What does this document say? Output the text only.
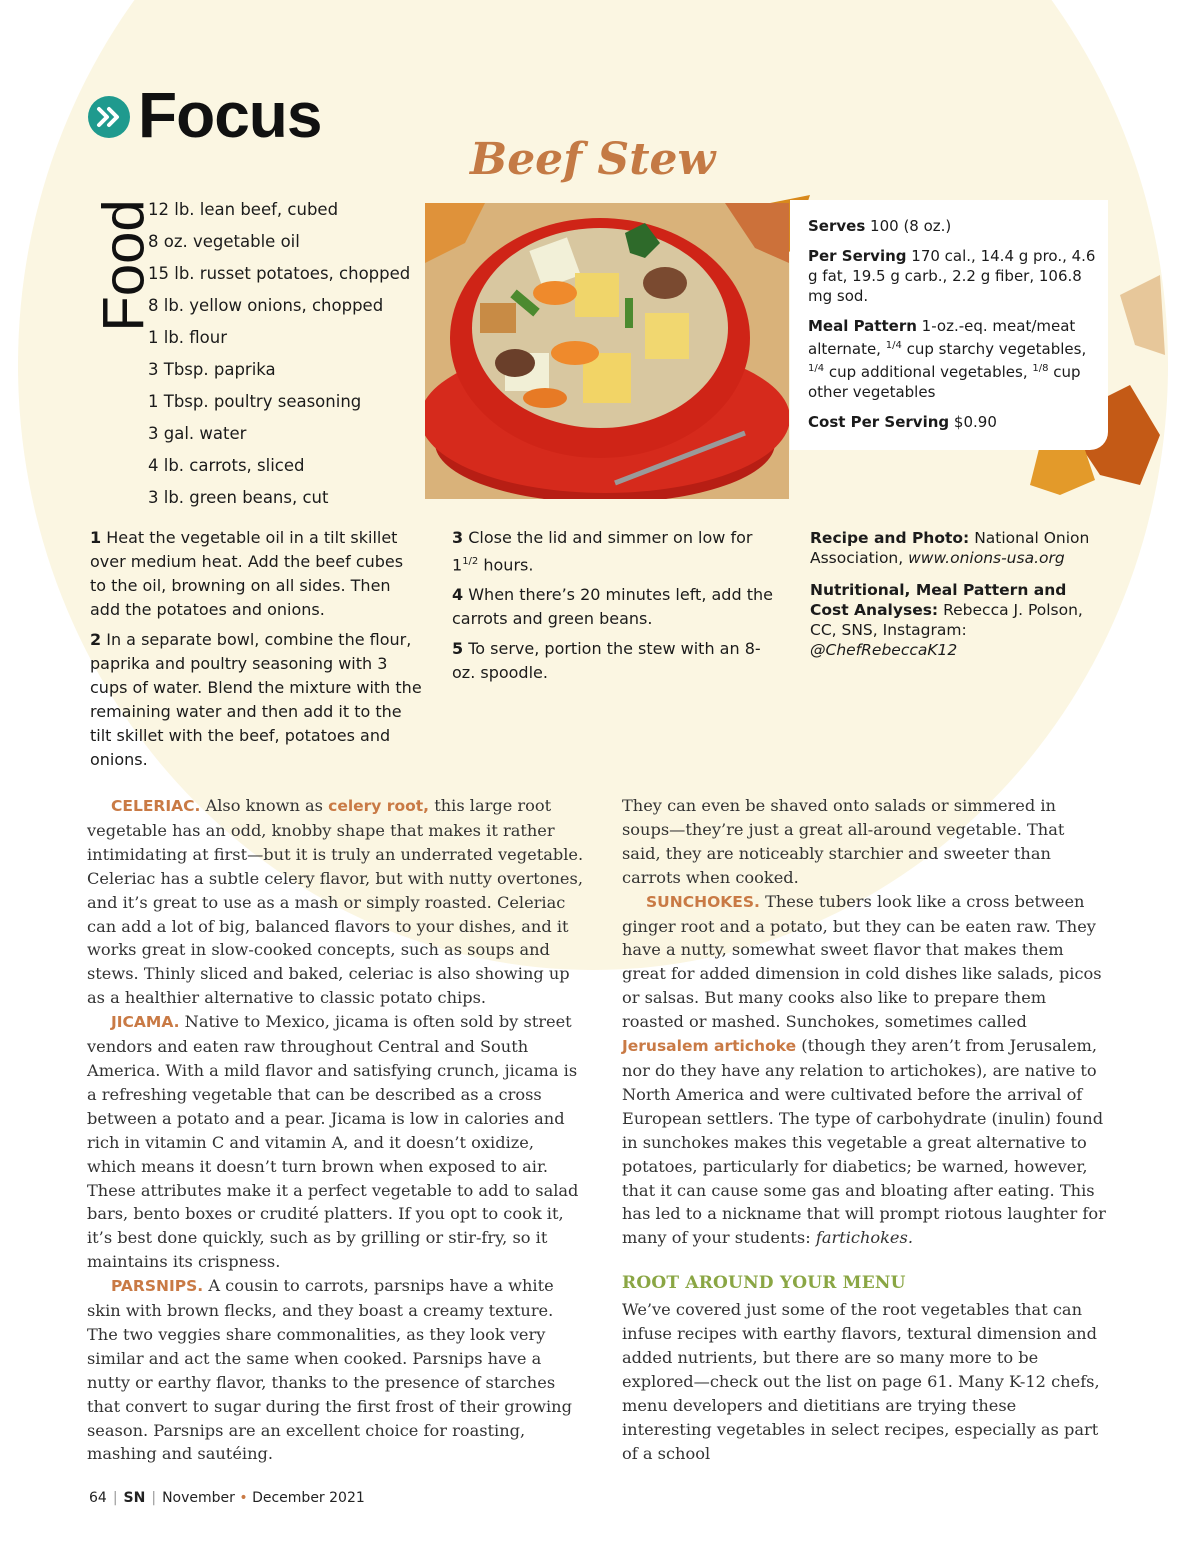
Focus
Food
Beef Stew
12 lb. lean beef, cubed
8 oz. vegetable oil
15 lb. russet potatoes, chopped
8 lb. yellow onions, chopped
1 lb. flour
3 Tbsp. paprika
1 Tbsp. poultry seasoning
3 gal. water
4 lb. carrots, sliced
3 lb. green beans, cut

Serves 100 (8 oz.)

Per Serving 170 cal., 14.4 g pro., 4.6 g fat, 19.5 g carb., 2.2 g fiber, 106.8 mg sod.

Meal Pattern 1-oz.-eq. meat/meat alternate, $^{1/4}$ cup starchy vegetables, $^{1/4}$ cup additional vegetables, $^{1/8}$ cup other vegetables

Cost Per Serving $0.90

1 Heat the vegetable oil in a tilt skillet over medium heat. Add the beef cubes to the oil, browning on all sides. Then add the potatoes and onions.

2 In a separate bowl, combine the flour, paprika and poultry seasoning with 3 cups of water. Blend the mixture with the remaining water and then add it to the tilt skillet with the beef, potatoes and onions.

3 Close the lid and simmer on low for $1^{1/2}$ hours.

4 When there’s 20 minutes left, add the carrots and green beans.

5 To serve, portion the stew with an 8-oz. spoodle.

Recipe and Photo: National Onion Association, www.onions-usa.org

Nutritional, Meal Pattern and Cost Analyses: Rebecca J. Polson, CC, SNS, Instagram: @ChefRebeccaK12

CELERIAC. Also known as celery root, this large root vegetable has an odd, knobby shape that makes it rather intimidating at first—but it is truly an underrated vegetable. Celeriac has a subtle celery flavor, but with nutty overtones, and it’s great to use as a mash or simply roasted. Celeriac can add a lot of big, balanced flavors to your dishes, and it works great in slow-cooked concepts, such as soups and stews. Thinly sliced and baked, celeriac is also showing up as a healthier alternative to classic potato chips.

JICAMA. Native to Mexico, jicama is often sold by street vendors and eaten raw throughout Central and South America. With a mild flavor and satisfying crunch, jicama is a refreshing vegetable that can be described as a cross between a potato and a pear. Jicama is low in calories and rich in vitamin C and vitamin A, and it doesn’t oxidize, which means it doesn’t turn brown when exposed to air. These attributes make it a perfect vegetable to add to salad bars, bento boxes or crudité platters. If you opt to cook it, it’s best done quickly, such as by grilling or stir-fry, so it maintains its crispness.

PARSNIPS. A cousin to carrots, parsnips have a white skin with brown flecks, and they boast a creamy texture. The two veggies share commonalities, as they look very similar and act the same when cooked. Parsnips have a nutty or earthy flavor, thanks to the presence of starches that convert to sugar during the first frost of their growing season. Parsnips are an excellent choice for roasting, mashing and sautéing.

They can even be shaved onto salads or simmered in soups—they’re just a great all-around vegetable. That said, they are noticeably starchier and sweeter than carrots when cooked.

SUNCHOKES. These tubers look like a cross between ginger root and a potato, but they can be eaten raw. They have a nutty, somewhat sweet flavor that makes them great for added dimension in cold dishes like salads, picos or salsas. But many cooks also like to prepare them roasted or mashed. Sunchokes, sometimes called Jerusalem artichoke (though they aren’t from Jerusalem, nor do they have any relation to artichokes), are native to North America and were cultivated before the arrival of European settlers. The type of carbohydrate (inulin) found in sunchokes makes this vegetable a great alternative to potatoes, particularly for diabetics; be warned, however, that it can cause some gas and bloating after eating. This has led to a nickname that will prompt riotous laughter for many of your students: fartichokes.

ROOT AROUND YOUR MENU

We’ve covered just some of the root vegetables that can infuse recipes with earthy flavors, textural dimension and added nutrients, but there are so many more to be explored—check out the list on page 61. Many K-12 chefs, menu developers and dietitians are trying these interesting vegetables in select recipes, especially as part of a school

64 | SN | November • December 2021
